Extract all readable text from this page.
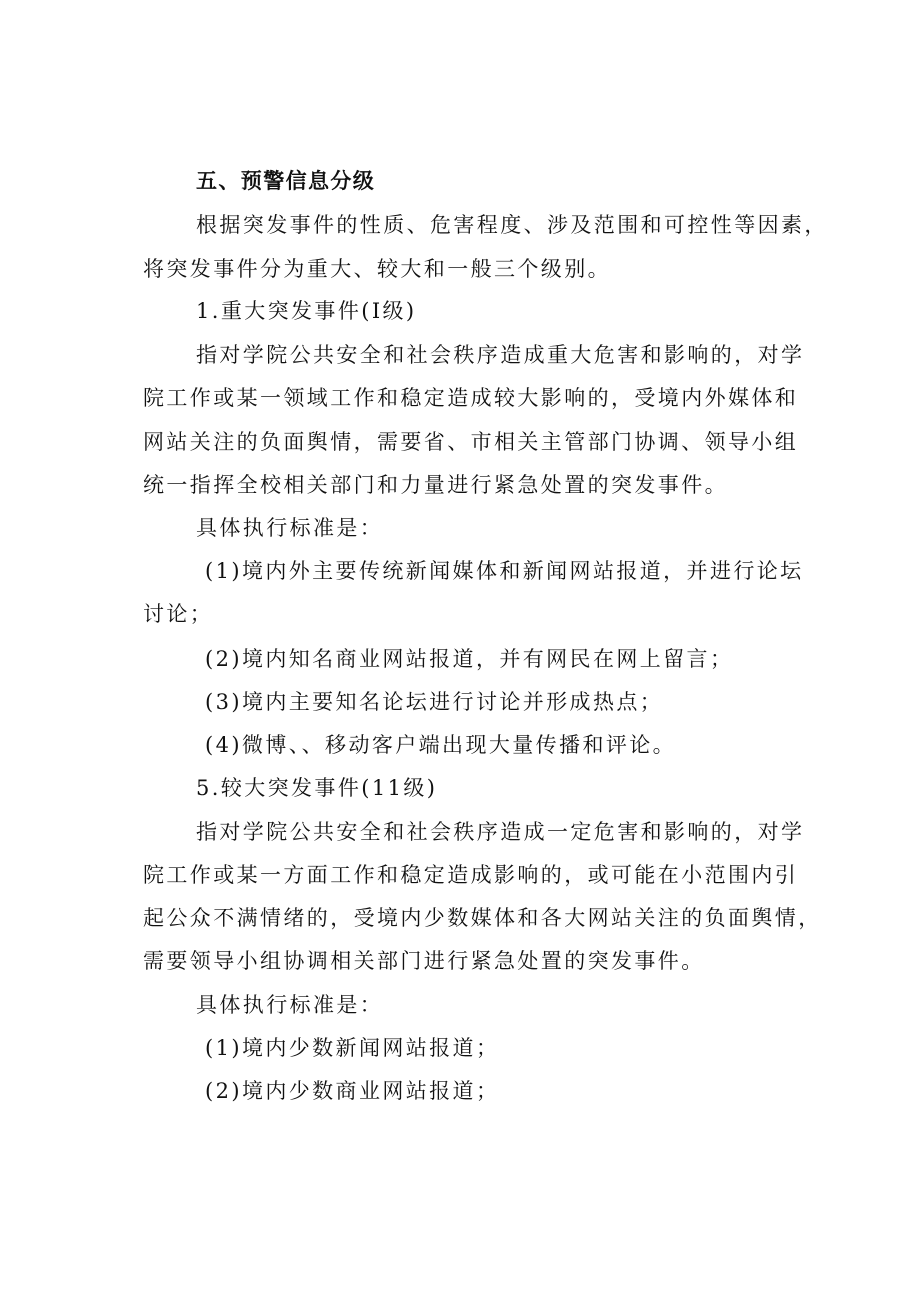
五、预警信息分级
根据突发事件的性质、危害程度、涉及范围和可控性等因素，
将突发事件分为重大、较大和一般三个级别。
1.重大突发事件(I级)
指对学院公共安全和社会秩序造成重大危害和影响的，对学
院工作或某一领域工作和稳定造成较大影响的，受境内外媒体和
网站关注的负面舆情，需要省、市相关主管部门协调、领导小组
统一指挥全校相关部门和力量进行紧急处置的突发事件。
具体执行标准是：
(1)境内外主要传统新闻媒体和新闻网站报道，并进行论坛
讨论；
(2)境内知名商业网站报道，并有网民在网上留言；
(3)境内主要知名论坛进行讨论并形成热点；
(4)微博、、移动客户端出现大量传播和评论。
5.较大突发事件(11级)
指对学院公共安全和社会秩序造成一定危害和影响的，对学
院工作或某一方面工作和稳定造成影响的，或可能在小范围内引
起公众不满情绪的，受境内少数媒体和各大网站关注的负面舆情，
需要领导小组协调相关部门进行紧急处置的突发事件。
具体执行标准是：
(1)境内少数新闻网站报道；
(2)境内少数商业网站报道；
